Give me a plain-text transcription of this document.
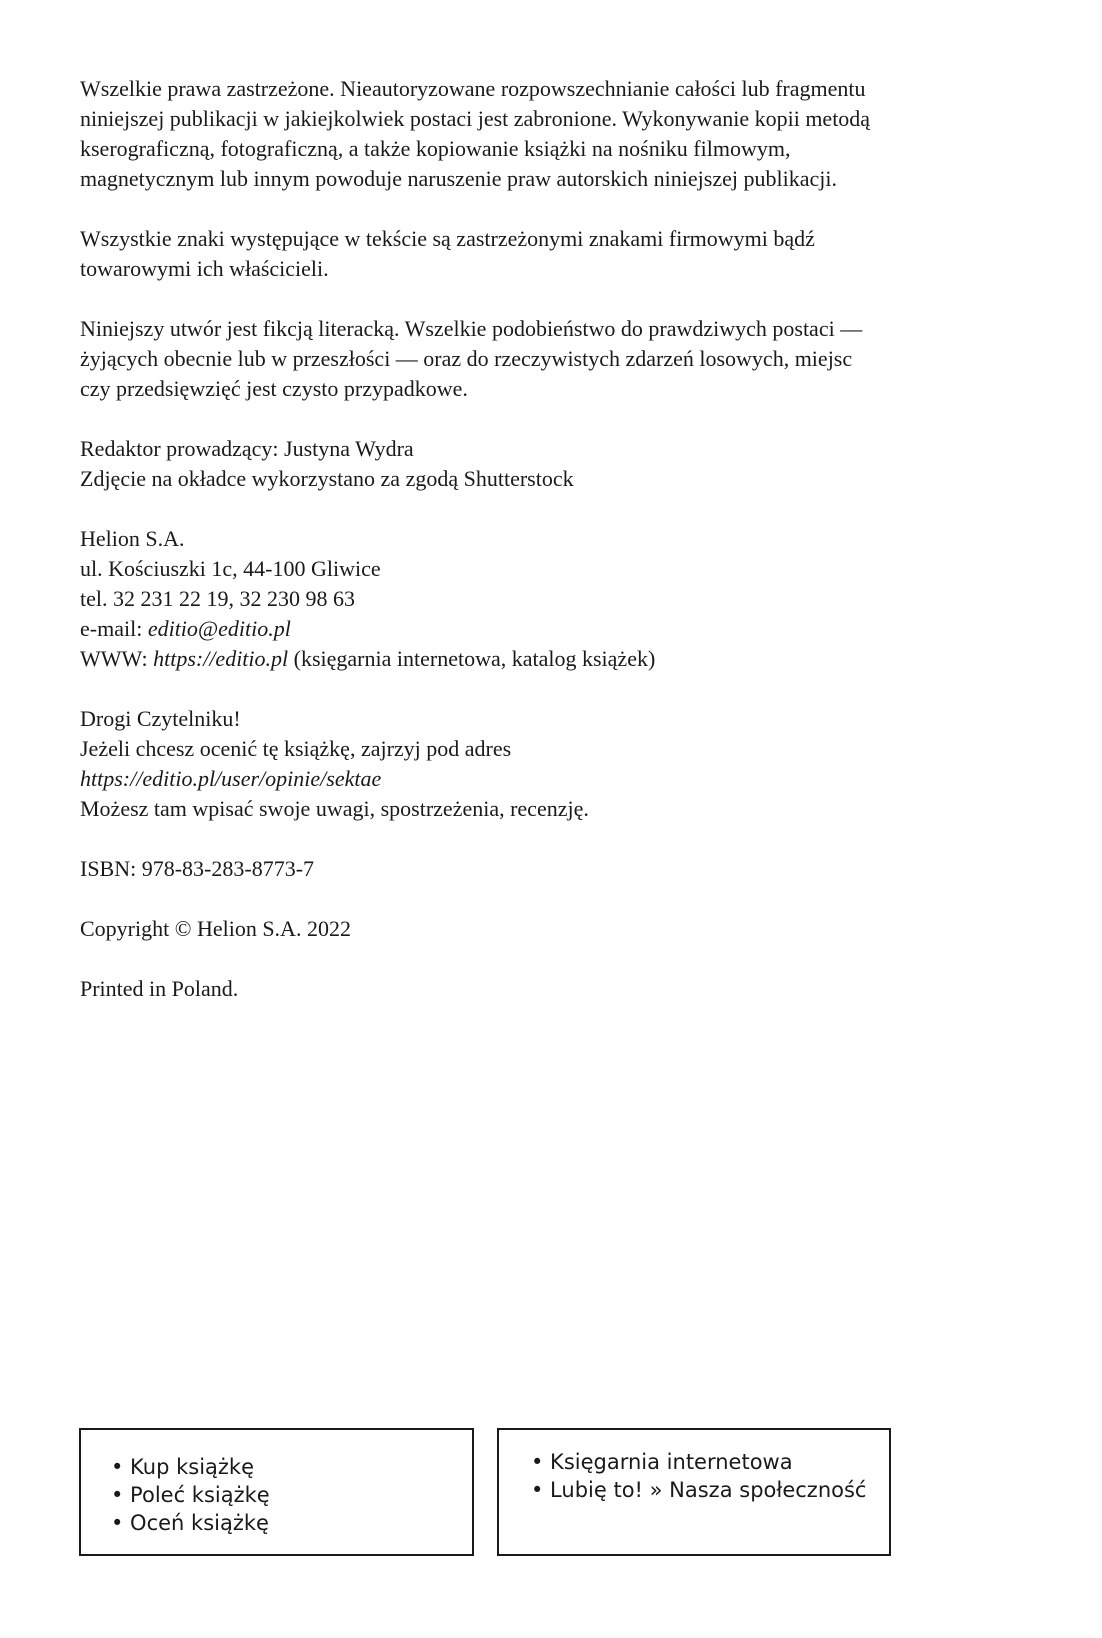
Wszelkie prawa zastrzeżone. Nieautoryzowane rozpowszechnianie całości lub fragmentu
niniejszej publikacji w jakiejkolwiek postaci jest zabronione. Wykonywanie kopii metodą
kserograficzną, fotograficzną, a także kopiowanie książki na nośniku filmowym,
magnetycznym lub innym powoduje naruszenie praw autorskich niniejszej publikacji.

Wszystkie znaki występujące w tekście są zastrzeżonymi znakami firmowymi bądź
towarowymi ich właścicieli.

Niniejszy utwór jest fikcją literacką. Wszelkie podobieństwo do prawdziwych postaci —
żyjących obecnie lub w przeszłości — oraz do rzeczywistych zdarzeń losowych, miejsc
czy przedsięwzięć jest czysto przypadkowe.

Redaktor prowadzący: Justyna Wydra
Zdjęcie na okładce wykorzystano za zgodą Shutterstock

Helion S.A.
ul. Kościuszki 1c, 44-100 Gliwice
tel. 32 231 22 19, 32 230 98 63
e-mail: editio@editio.pl
WWW: https://editio.pl (księgarnia internetowa, katalog książek)

Drogi Czytelniku!
Jeżeli chcesz ocenić tę książkę, zajrzyj pod adres
https://editio.pl/user/opinie/sektae
Możesz tam wpisać swoje uwagi, spostrzeżenia, recenzję.

ISBN: 978-83-283-8773-7

Copyright © Helion S.A. 2022

Printed in Poland.

• Kup książkę
• Poleć książkę
• Oceń książkę
• Księgarnia internetowa
• Lubię to! » Nasza społeczność
